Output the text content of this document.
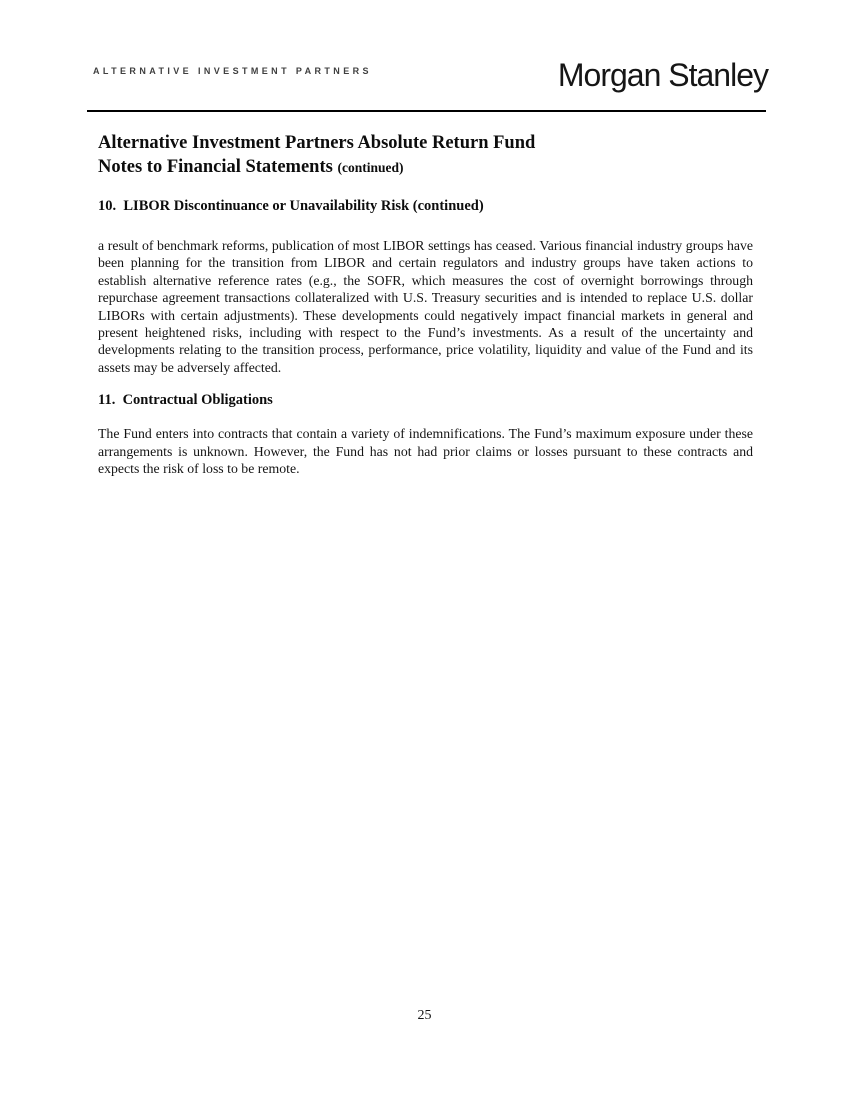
ALTERNATIVE INVESTMENT PARTNERS	Morgan Stanley
Alternative Investment Partners Absolute Return Fund
Notes to Financial Statements (continued)
10.  LIBOR Discontinuance or Unavailability Risk (continued)

a result of benchmark reforms, publication of most LIBOR settings has ceased. Various financial industry groups have been planning for the transition from LIBOR and certain regulators and industry groups have taken actions to establish alternative reference rates (e.g., the SOFR, which measures the cost of overnight borrowings through repurchase agreement transactions collateralized with U.S. Treasury securities and is intended to replace U.S. dollar LIBORs with certain adjustments). These developments could negatively impact financial markets in general and present heightened risks, including with respect to the Fund’s investments. As a result of the uncertainty and developments relating to the transition process, performance, price volatility, liquidity and value of the Fund and its assets may be adversely affected.

11.  Contractual Obligations

The Fund enters into contracts that contain a variety of indemnifications. The Fund’s maximum exposure under these arrangements is unknown. However, the Fund has not had prior claims or losses pursuant to these contracts and expects the risk of loss to be remote.

25
